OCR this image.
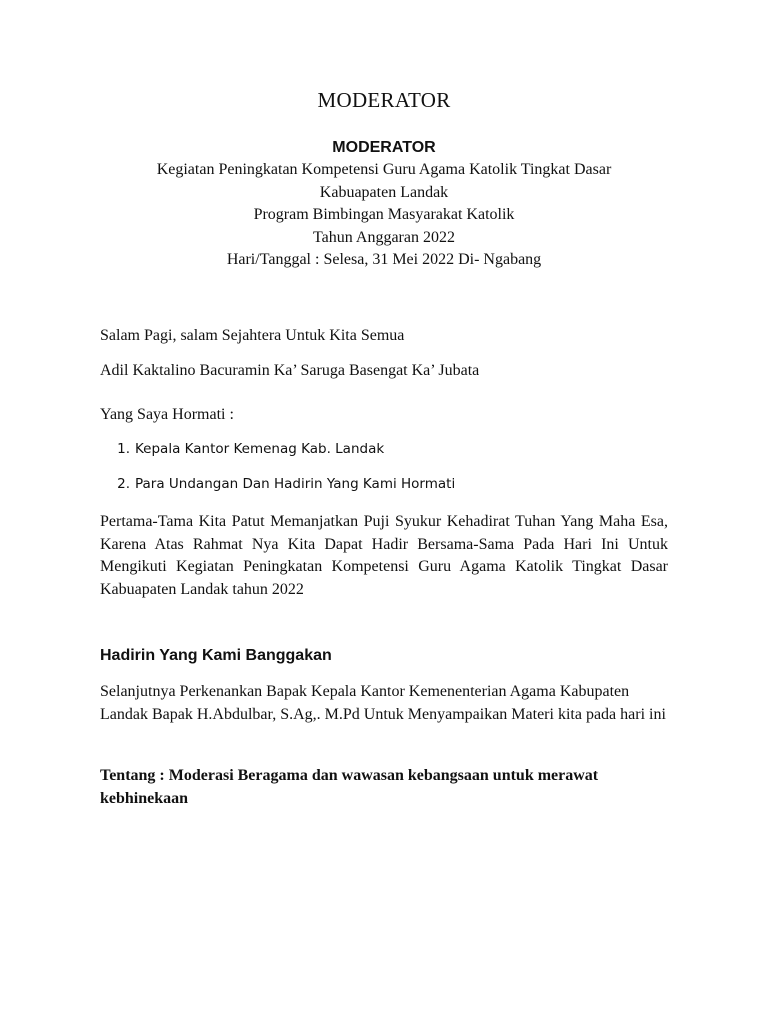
MODERATOR

MODERATOR

Kegiatan Peningkatan Kompetensi Guru Agama Katolik Tingkat Dasar

Kabuapaten Landak

Program Bimbingan Masyarakat Katolik

Tahun Anggaran 2022

Hari/Tanggal : Selesa, 31 Mei 2022 Di- Ngabang

Salam Pagi, salam Sejahtera Untuk Kita Semua

Adil Kaktalino Bacuramin Ka’ Saruga Basengat Ka’ Jubata

Yang Saya Hormati :

1. Kepala Kantor Kemenag Kab. Landak
2. Para Undangan Dan Hadirin Yang Kami Hormati

Pertama-Tama Kita Patut Memanjatkan Puji Syukur Kehadirat Tuhan Yang Maha Esa, Karena Atas Rahmat Nya Kita Dapat Hadir Bersama-Sama Pada Hari Ini Untuk Mengikuti Kegiatan Peningkatan Kompetensi Guru Agama Katolik Tingkat Dasar Kabuapaten Landak tahun 2022

Hadirin Yang Kami Banggakan

Selanjutnya Perkenankan Bapak Kepala Kantor Kemenenterian Agama Kabupaten Landak Bapak H.Abdulbar, S.Ag,. M.Pd Untuk Menyampaikan Materi kita pada hari ini

Tentang : Moderasi Beragama dan wawasan kebangsaan untuk merawat kebhinekaan
